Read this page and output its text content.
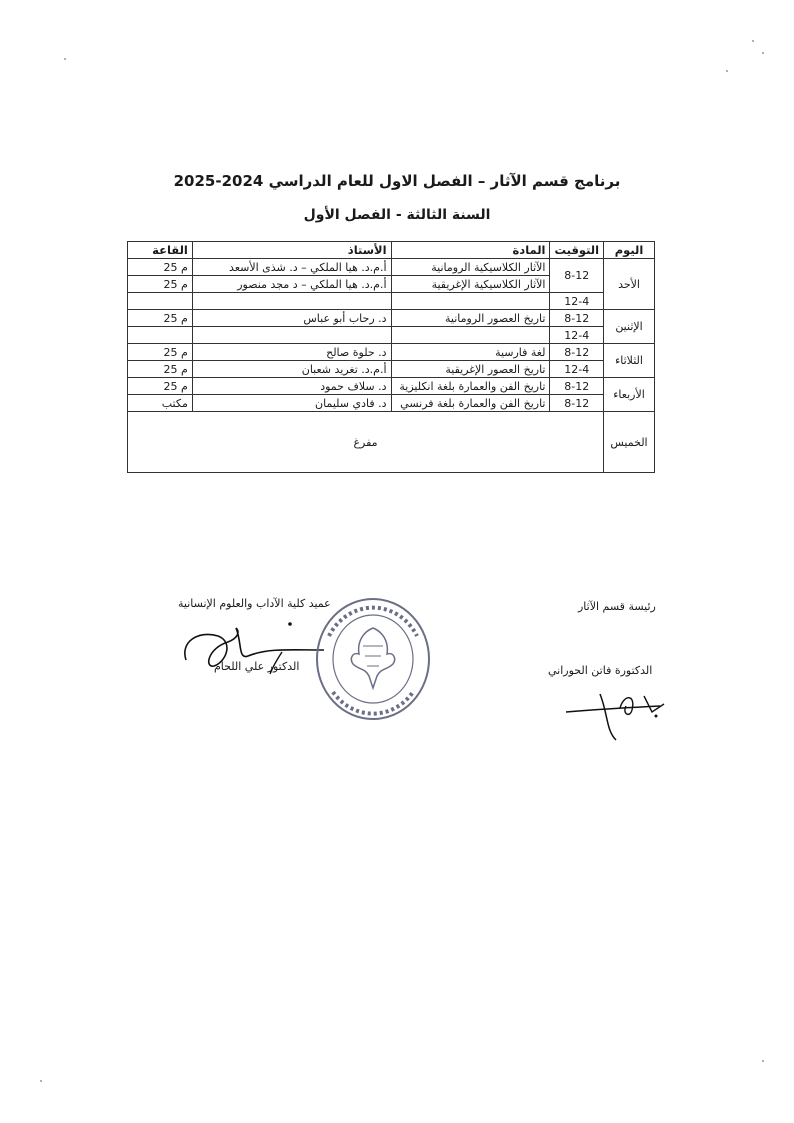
برنامج قسم الآثار – الفصل الاول للعام الدراسي 2024-2025
السنة الثالثة - الفصل الأول
اليوم	التوقيت	المادة	الأستاذ	القاعة
الأحد	8-12	الآثار الكلاسيكية الرومانية	أ.م.د. هيا الملكي – د. شذى الأسعد	م 25
		الآثار الكلاسيكية الإغريقية	أ.م.د. هيا الملكي – د مجد منصور	م 25
	12-4			
الإثنين	8-12	تاريخ العصور الرومانية	د. رحاب أبو عباس	م 25
	12-4			
الثلاثاء	8-12	لغة فارسية	د. حلوة صالح	م 25
	12-4	تاريخ العصور الإغريقية	أ.م.د. تغريد شعبان	م 25
الأربعاء	8-12	تاريخ الفن والعمارة بلغة انكليزية	د. سلاف حمود	م 25
	8-12	تاريخ الفن والعمارة بلغة فرنسي	د. فادي سليمان	مكتب
الخميس	مفرغ			
رئيسة قسم الآثار
الدكتورة فاتن الحوراني
عميد كلية الآداب والعلوم الإنسانية
الدكتور علي اللحام
